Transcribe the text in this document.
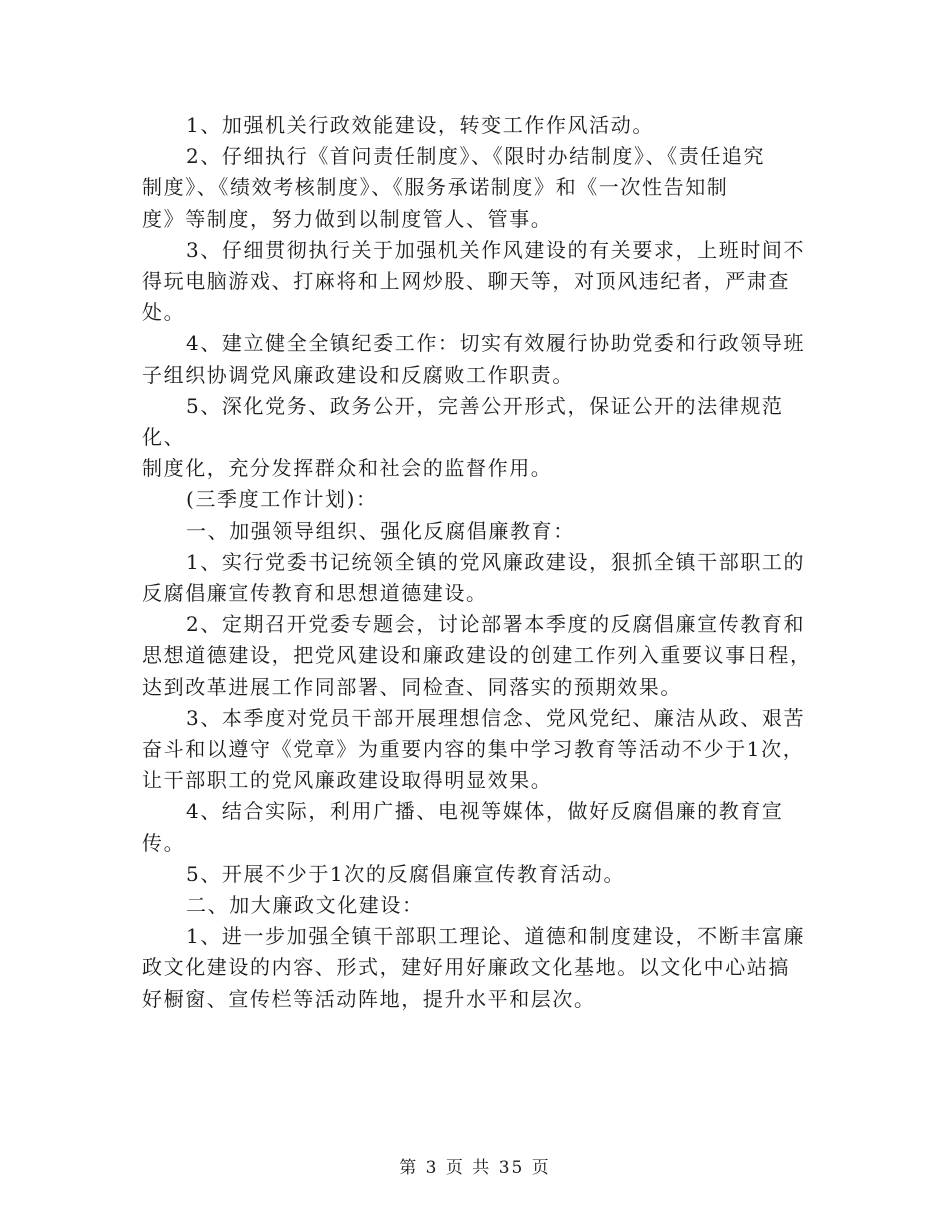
1、加强机关行政效能建设，转变工作作风活动。

2、仔细执行《首问责任制度》、《限时办结制度》、《责任追究
制度》、《绩效考核制度》、《服务承诺制度》和《一次性告知制
度》等制度，努力做到以制度管人、管事。

3、仔细贯彻执行关于加强机关作风建设的有关要求，上班时间不
得玩电脑游戏、打麻将和上网炒股、聊天等，对顶风违纪者，严肃查
处。

4、建立健全全镇纪委工作：切实有效履行协助党委和行政领导班
子组织协调党风廉政建设和反腐败工作职责。

5、深化党务、政务公开，完善公开形式，保证公开的法律规范化、
制度化，充分发挥群众和社会的监督作用。

(三季度工作计划)：

一、加强领导组织、强化反腐倡廉教育：

1、实行党委书记统领全镇的党风廉政建设，狠抓全镇干部职工的
反腐倡廉宣传教育和思想道德建设。

2、定期召开党委专题会，讨论部署本季度的反腐倡廉宣传教育和
思想道德建设，把党风建设和廉政建设的创建工作列入重要议事日程，
达到改革进展工作同部署、同检查、同落实的预期效果。

3、本季度对党员干部开展理想信念、党风党纪、廉洁从政、艰苦
奋斗和以遵守《党章》为重要内容的集中学习教育等活动不少于1次，
让干部职工的党风廉政建设取得明显效果。

4、结合实际，利用广播、电视等媒体，做好反腐倡廉的教育宣传。

5、开展不少于1次的反腐倡廉宣传教育活动。

二、加大廉政文化建设：

1、进一步加强全镇干部职工理论、道德和制度建设，不断丰富廉
政文化建设的内容、形式，建好用好廉政文化基地。以文化中心站搞
好橱窗、宣传栏等活动阵地，提升水平和层次。

第 3 页 共 35 页
